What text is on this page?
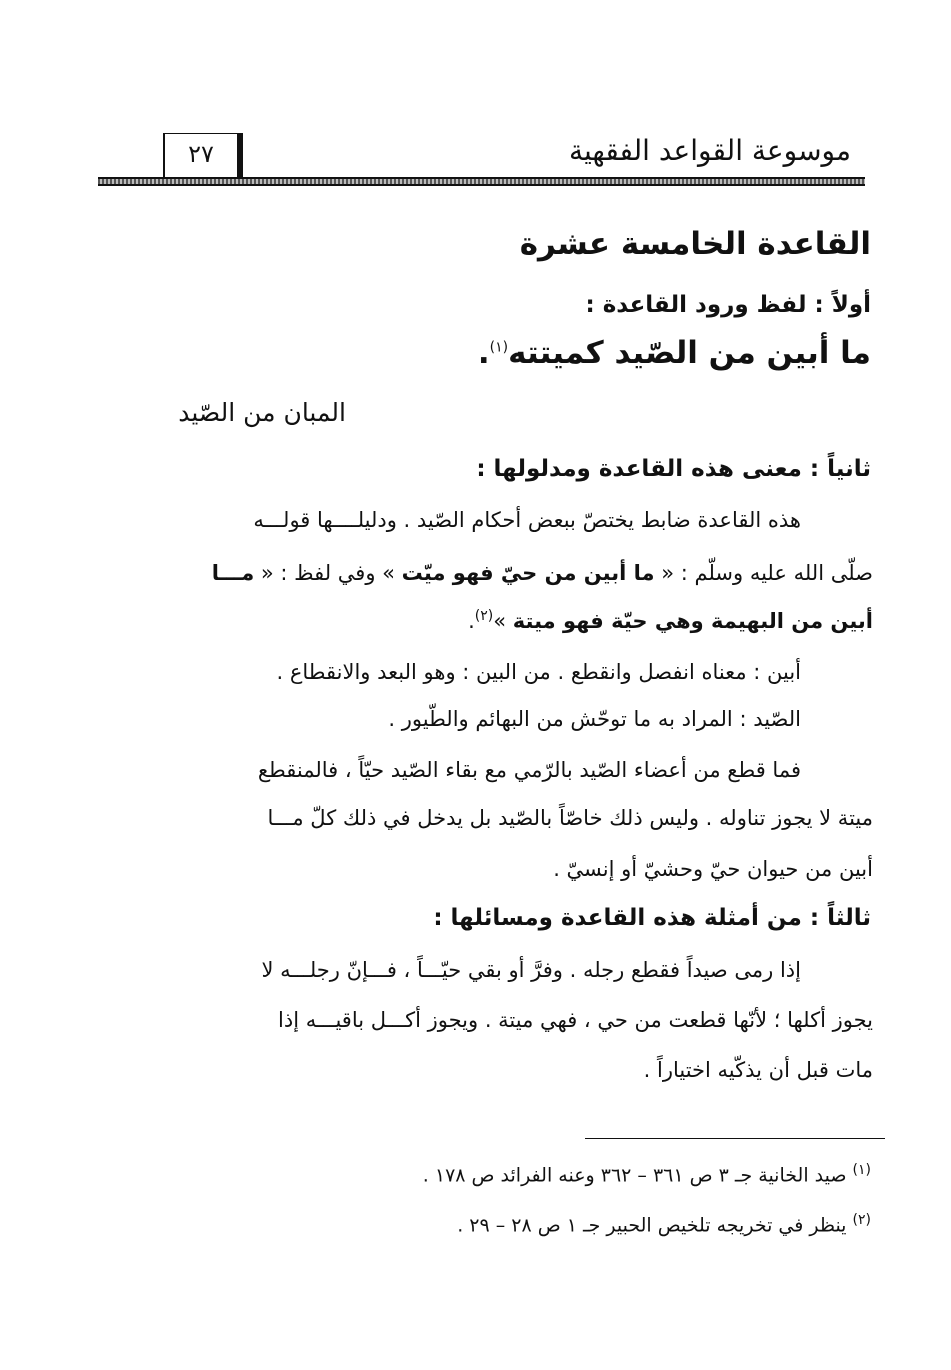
موسوعة القواعد الفقهية
٢٧
القاعدة الخامسة عشرة
أولاً : لفظ ورود القاعدة :
ما أبين من الصّيد كميتته$^{(١)}$.
المبان من الصّيد
ثانياً : معنى هذه القاعدة ومدلولها :
هذه القاعدة ضابط يختصّ ببعض أحكام الصّيد . ودليلــــها قولـــه
صلّى الله عليه وسلّم : « ما أبين من حيّ فهو ميّت » وفي لفظ : « مـــا
أبين من البهيمة وهي حيّة فهو ميتة »$^{(٢)}$.
أبين : معناه انفصل وانقطع . من البين : وهو البعد والانقطاع .
الصّيد : المراد به ما توحّش من البهائم والطّيور .
فما قطع من أعضاء الصّيد بالرّمي مع بقاء الصّيد حيّاً ، فالمنقطع
ميتة لا يجوز تناوله . وليس ذلك خاصّاً بالصّيد بل يدخل في ذلك كلّ مـــا
أبين من حيوان حيّ وحشيّ أو إنسيّ .
ثالثاً : من أمثلة هذه القاعدة ومسائلها :
إذا رمى صيداً فقطع رجله . وفرَّ أو بقي حيّـــاً ، فـــإنّ رجلـــه لا
يجوز أكلها ؛ لأنّها قطعت من حي ، فهي ميتة . ويجوز أكـــل باقيـــه إذا
مات قبل أن يذكّيه اختياراً .
$^{(١)}$ صيد الخانية جـ ٣ ص ٣٦١ – ٣٦٢ وعنه الفرائد ص ١٧٨ .
$^{(٢)}$ ينظر في تخريجه تلخيص الحبير جـ ١ ص ٢٨ – ٢٩ .
